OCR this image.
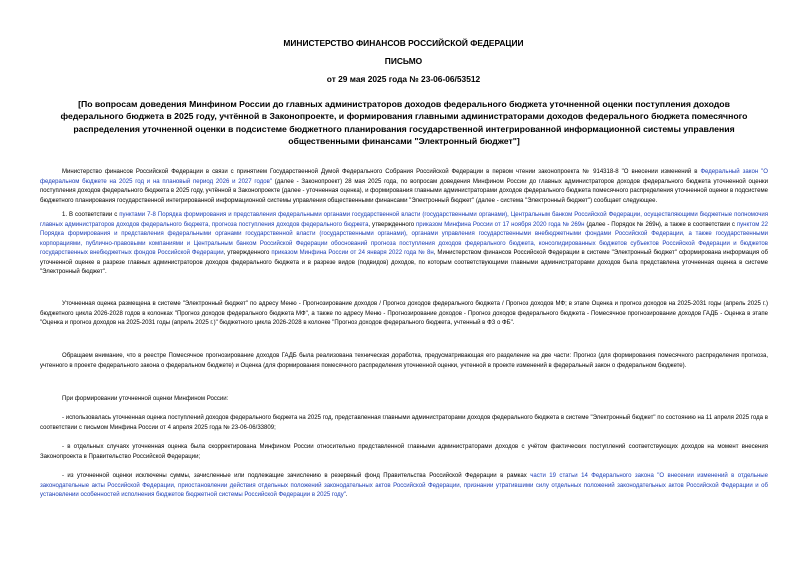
МИНИСТЕРСТВО ФИНАНСОВ РОССИЙСКОЙ ФЕДЕРАЦИИ
ПИСЬМО
от 29 мая 2025 года № 23-06-06/53512
[По вопросам доведения Минфином России до главных администраторов доходов федерального бюджета уточненной оценки поступления доходов федерального бюджета в 2025 году, учтённой в Законопроекте, и формирования главными администраторами доходов федерального бюджета помесячного распределения уточненной оценки в подсистеме бюджетного планирования государственной интегрированной информационной системы управления общественными финансами "Электронный бюджет"]

Министерство финансов Российской Федерации в связи с принятием Государственной Думой Федерального Собрания Российской Федерации в первом чтении законопроекта № 914318-8 "О внесении изменений в Федеральный закон "О федеральном бюджете на 2025 год и на плановый период 2026 и 2027 годов" (далее - Законопроект) 28 мая 2025 года, по вопросам доведения Минфином России до главных администраторов доходов федерального бюджета уточненной оценки поступления доходов федерального бюджета в 2025 году, учтённой в Законопроекте (далее - уточненная оценка), и формирования главными администраторами доходов федерального бюджета помесячного распределения уточненной оценки в подсистеме бюджетного планирования государственной интегрированной информационной системы управления общественными финансами "Электронный бюджет" (далее - система "Электронный бюджет") сообщает следующее.

1. В соответствии с пунктами 7-8 Порядка формирования и представления федеральными органами государственной власти (государственными органами), Центральным банком Российской Федерации, осуществляющими бюджетные полномочия главных администраторов доходов федерального бюджета, прогноза поступления доходов федерального бюджета, утвержденного приказом Минфина России от 17 ноября 2020 года № 269н (далее - Порядок № 269н), а также в соответствии с пунктом 22 Порядка формирования и представления федеральными органами государственной власти (государственными органами), органами управления государственными внебюджетными фондами Российской Федерации, а также государственными корпорациями, публично-правовыми компаниями и Центральным банком Российской Федерации обоснований прогноза поступления доходов федерального бюджета, консолидированных бюджетов субъектов Российской Федерации и бюджетов государственных внебюджетных фондов Российской Федерации, утвержденного приказом Минфина России от 24 января 2022 года № 8н, Министерством финансов Российской Федерации в системе "Электронный бюджет" сформирована информация об уточненной оценке в разрезе главных администраторов доходов федерального бюджета и в разрезе видов (подвидов) доходов, по которым соответствующими главными администраторами доходов была представлена уточненная оценка в системе "Электронный бюджет".

Уточненная оценка размещена в системе "Электронный бюджет" по адресу Меню - Прогнозирование доходов / Прогноз доходов федерального бюджета / Прогноз доходов МФ; в этапе Оценка и прогноз доходов на 2025-2031 годы (апрель 2025 г.) бюджетного цикла 2026-2028 годов в колонках "Прогноз доходов федерального бюджета МФ", а также по адресу Меню - Прогнозирование доходов - Прогноз доходов федерального бюджета - Помесячное прогнозирование доходов ГАДБ - Оценка в этапе "Оценка и прогноз доходов на 2025-2031 годы (апрель 2025 г.)" бюджетного цикла 2026-2028 в колонке "Прогноз доходов федерального бюджета, учтенный в ФЗ о ФБ".

Обращаем внимание, что в реестре Помесячное прогнозирование доходов ГАДБ была реализована техническая доработка, предусматривающая его разделение на две части: Прогноз (для формирования помесячного распределения прогноза, учтенного в проекте федерального закона о федеральном бюджете) и Оценка (для формирования помесячного распределения уточненной оценки, учтенной в проекте изменений в федеральный закон о федеральном бюджете).

При формировании уточненной оценки Минфином России:

- использовалась уточненная оценка поступлений доходов федерального бюджета на 2025 год, представленная главными администраторами доходов федерального бюджета в системе "Электронный бюджет" по состоянию на 11 апреля 2025 года в соответствии с письмом Минфина России от 4 апреля 2025 года № 23-06-06/33809;

- в отдельных случаях уточненная оценка была скорректирована Минфином России относительно представленной главными администраторами доходов с учётом фактических поступлений соответствующих доходов на момент внесения Законопроекта в Правительство Российской Федерации;

- из уточненной оценки исключены суммы, зачисленные или подлежащие зачислению в резервный фонд Правительства Российской Федерации в рамках части 19 статьи 14 Федерального закона "О внесении изменений в отдельные законодательные акты Российской Федерации, приостановлении действия отдельных положений законодательных актов Российской Федерации, признании утратившими силу отдельных положений законодательных актов Российской Федерации и об установлении особенностей исполнения бюджетов бюджетной системы Российской Федерации в 2025 году".
